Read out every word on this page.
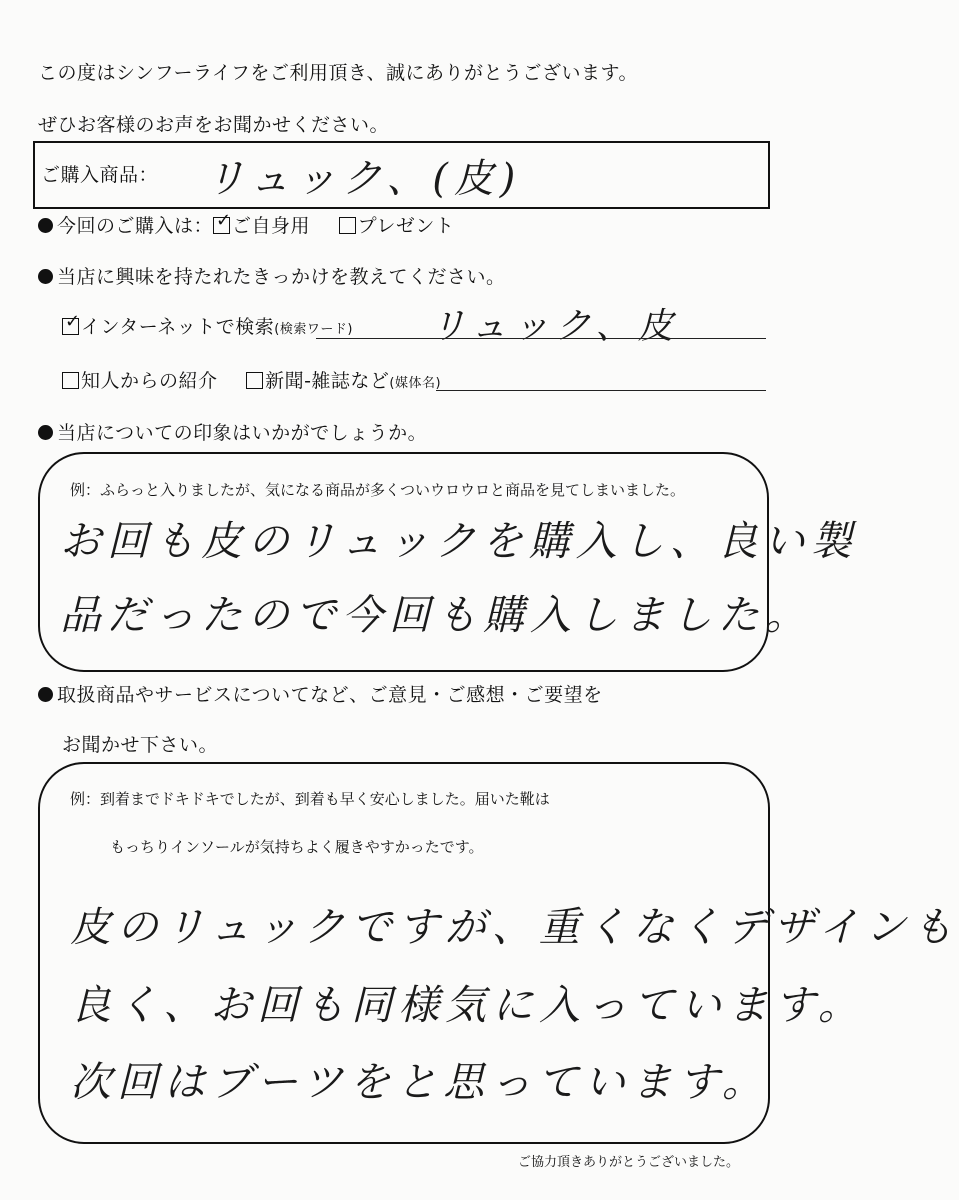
この度はシンフーライフをご利用頂き、誠にありがとうございます。
ぜひお客様のお声をお聞かせください。
ご購入商品： リュック、(皮)
今回のご購入は： ✓ ご自身用	プレゼント
当店に興味を持たれたきっかけを教えてください。
✓ インターネットで検索(検索ワード) リュック、皮
知人からの紹介	新聞‐雑誌など(媒体名)
当店についての印象はいかがでしょうか。
例：ふらっと入りましたが、気になる商品が多くついウロウロと商品を見てしまいました。
お回も皮のリュックを購入し、良い製
品だったので今回も購入しました。
取扱商品やサービスについてなど、ご意見・ご感想・ご要望を
お聞かせ下さい。
例：到着までドキドキでしたが、到着も早く安心しました。届いた靴は
もっちりインソールが気持ちよく履きやすかったです。
皮のリュックですが、重くなくデザインも
良く、お回も同様気に入っています。
次回はブーツをと思っています。
ご協力頂きありがとうございました。
